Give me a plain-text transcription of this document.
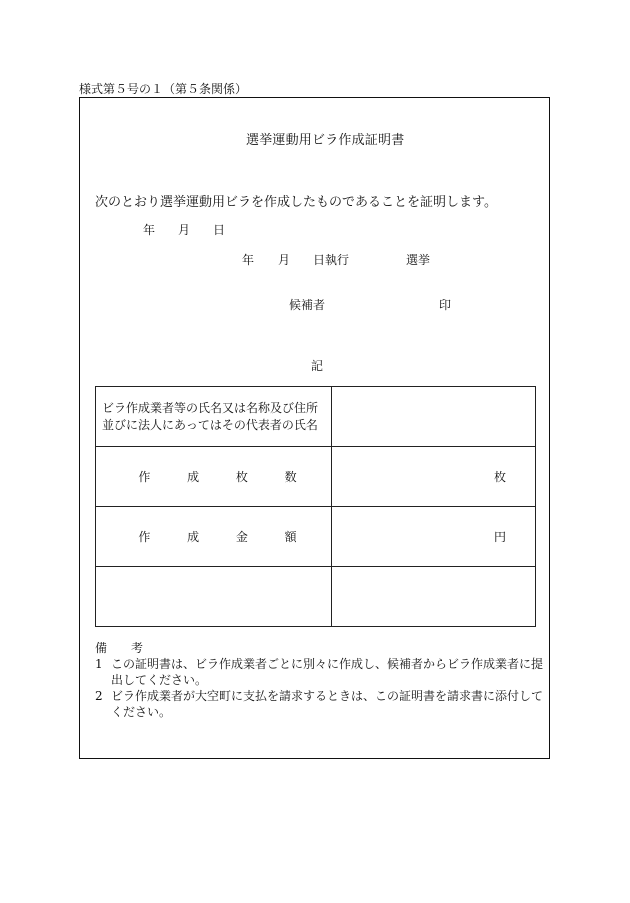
様式第５号の１（第５条関係）
選挙運動用ビラ作成証明書
次のとおり選挙運動用ビラを作成したものであることを証明します。
年 月 日
年 月 日執行	選挙
候補者	印
記
ビラ作成業者等の氏名又は名称及び住所
並びに法人にあってはその代表者の氏名	

作 成 枚 数	枚

作 成 金 額	円

備　　考
1 この証明書は、ビラ作成業者ごとに別々に作成し、候補者からビラ作成業者に提出してください。
2 ビラ作成業者が大空町に支払を請求するときは、この証明書を請求書に添付してください。
